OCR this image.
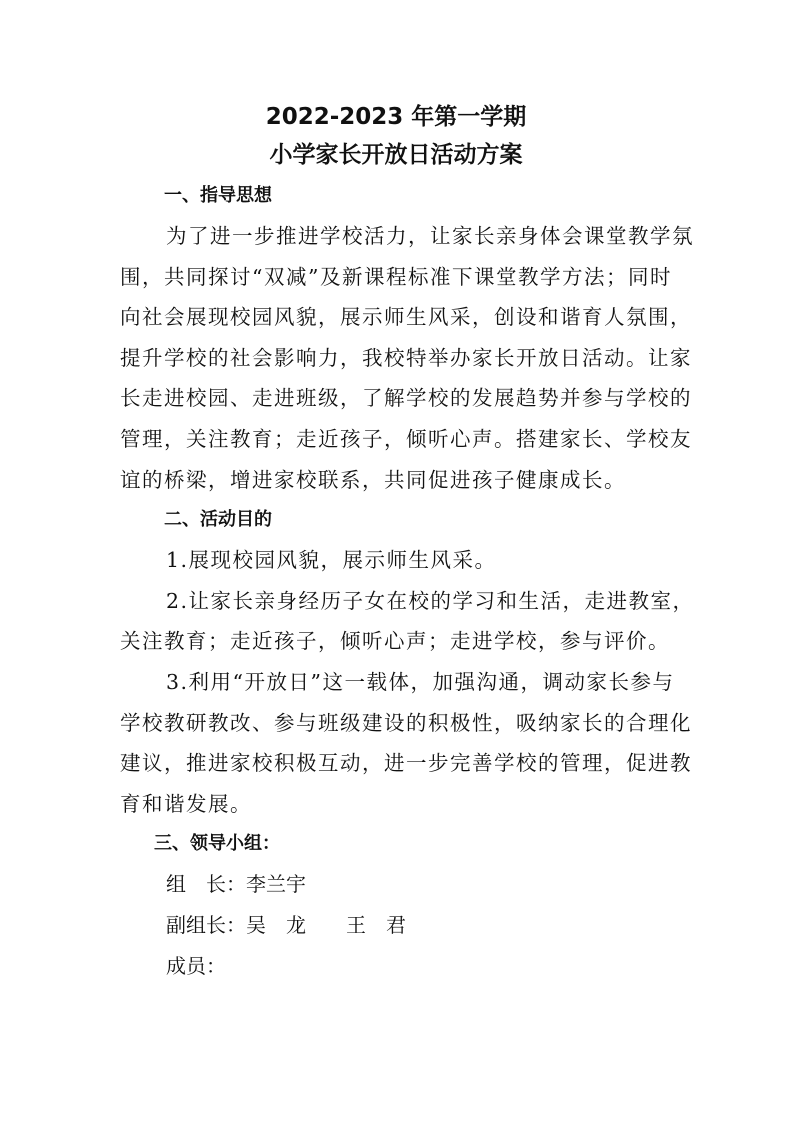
2022-2023 年第一学期
小学家长开放日活动方案
一、指导思想
为了进一步推进学校活力，让家长亲身体会课堂教学氛
围，共同探讨“双减”及新课程标准下课堂教学方法；同时
向社会展现校园风貌，展示师生风采，创设和谐育人氛围，
提升学校的社会影响力，我校特举办家长开放日活动。让家
长走进校园、走进班级，了解学校的发展趋势并参与学校的
管理，关注教育；走近孩子，倾听心声。搭建家长、学校友
谊的桥梁，增进家校联系，共同促进孩子健康成长。
二、活动目的
1.展现校园风貌，展示师生风采。
2.让家长亲身经历子女在校的学习和生活，走进教室，
关注教育；走近孩子，倾听心声；走进学校，参与评价。
3.利用“开放日”这一载体，加强沟通，调动家长参与
学校教研教改、参与班级建设的积极性，吸纳家长的合理化
建议，推进家校积极互动，进一步完善学校的管理，促进教
育和谐发展。
三、领导小组：
组　长：李兰宇
副组长：吴　龙　　王　君
成员：
